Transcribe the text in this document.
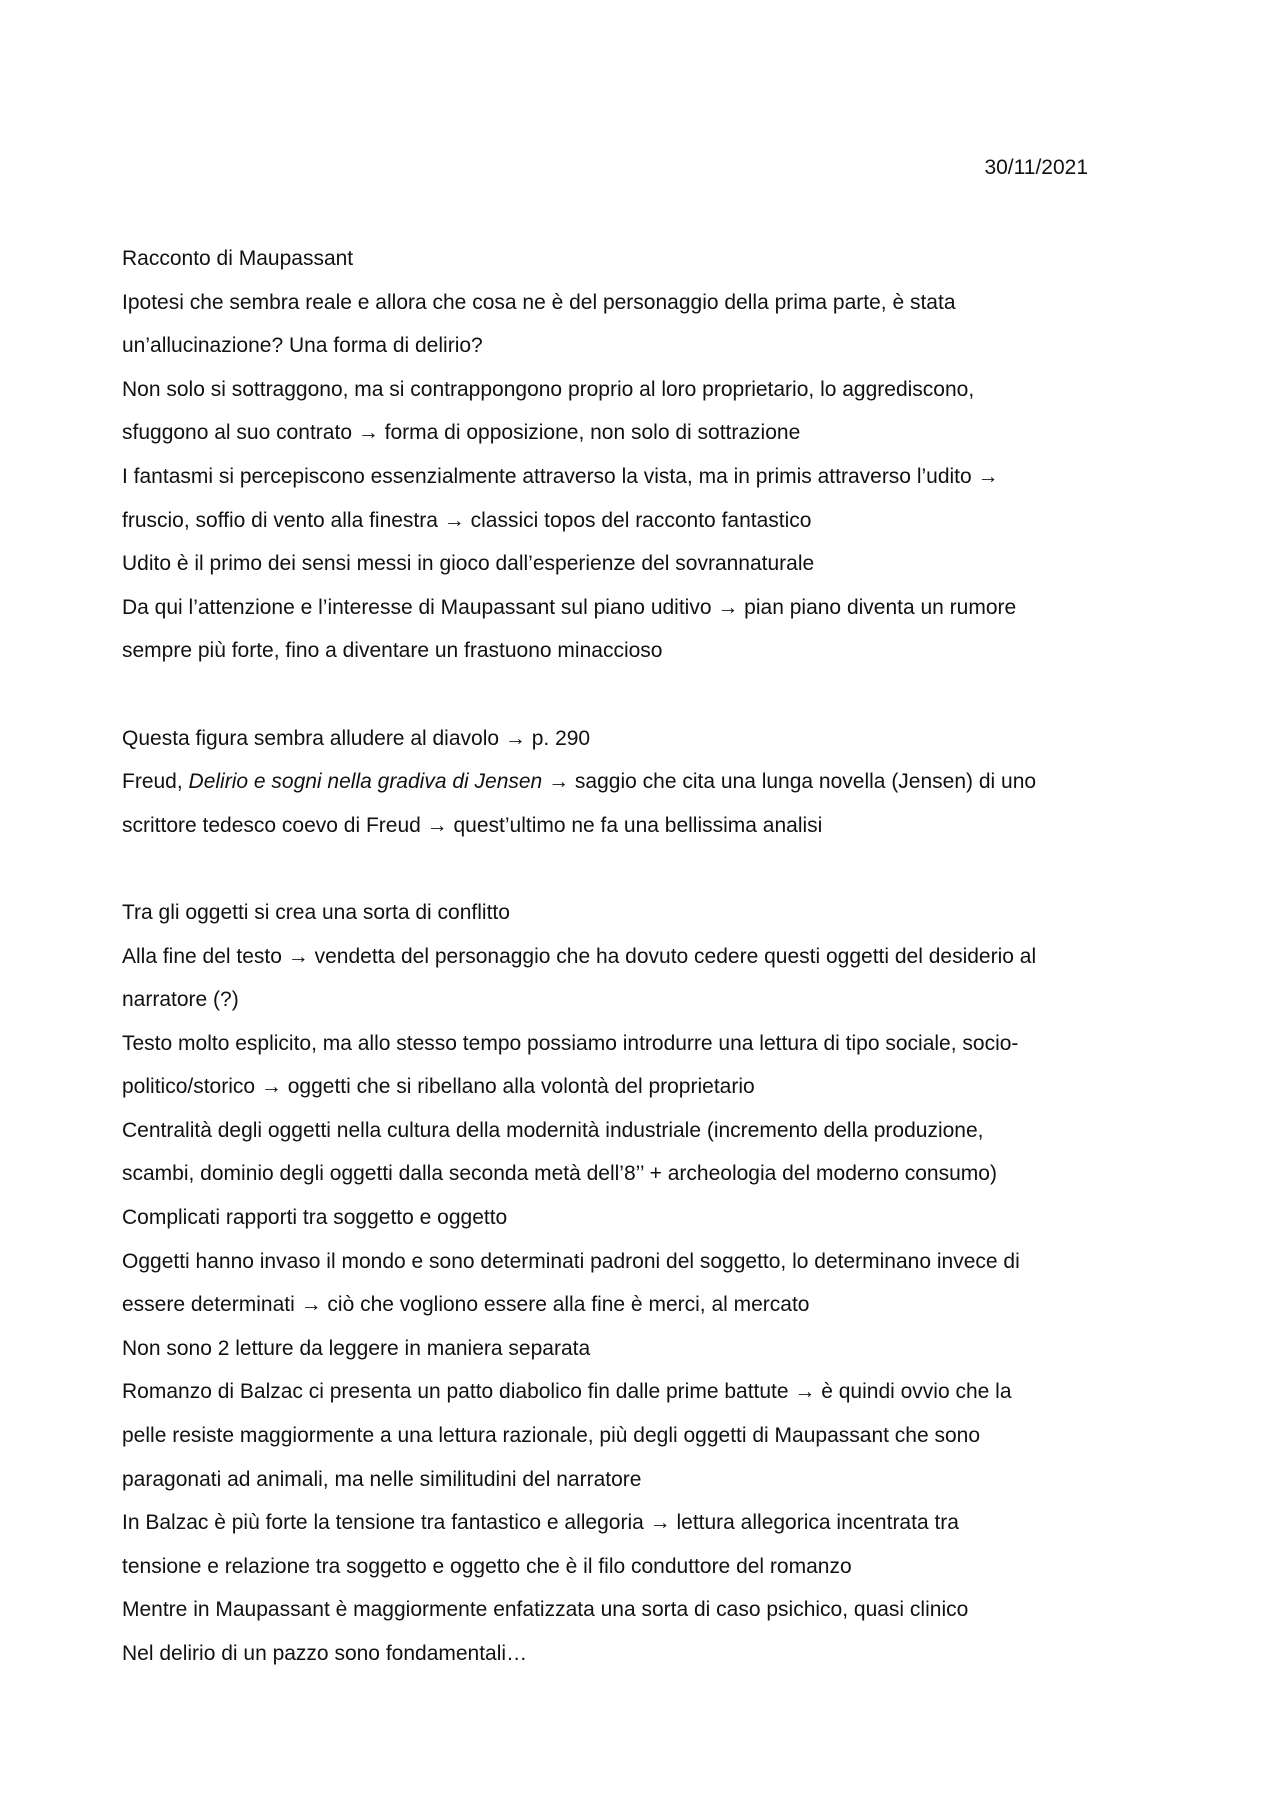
30/11/2021

Racconto di Maupassant

Ipotesi che sembra reale e allora che cosa ne è del personaggio della prima parte, è stata

un’allucinazione? Una forma di delirio?

Non solo si sottraggono, ma si contrappongono proprio al loro proprietario, lo aggrediscono,

sfuggono al suo contrato → forma di opposizione, non solo di sottrazione

I fantasmi si percepiscono essenzialmente attraverso la vista, ma in primis attraverso l’udito →

fruscio, soffio di vento alla finestra → classici topos del racconto fantastico

Udito è il primo dei sensi messi in gioco dall’esperienze del sovrannaturale

Da qui l’attenzione e l’interesse di Maupassant sul piano uditivo → pian piano diventa un rumore

sempre più forte, fino a diventare un frastuono minaccioso

Questa figura sembra alludere al diavolo → p. 290

Freud, Delirio e sogni nella gradiva di Jensen → saggio che cita una lunga novella (Jensen) di uno

scrittore tedesco coevo di Freud → quest’ultimo ne fa una bellissima analisi

Tra gli oggetti si crea una sorta di conflitto

Alla fine del testo → vendetta del personaggio che ha dovuto cedere questi oggetti del desiderio al

narratore (?)

Testo molto esplicito, ma allo stesso tempo possiamo introdurre una lettura di tipo sociale, socio-

politico/storico → oggetti che si ribellano alla volontà del proprietario

Centralità degli oggetti nella cultura della modernità industriale (incremento della produzione,

scambi, dominio degli oggetti dalla seconda metà dell’8’’ + archeologia del moderno consumo)

Complicati rapporti tra soggetto e oggetto

Oggetti hanno invaso il mondo e sono determinati padroni del soggetto, lo determinano invece di

essere determinati → ciò che vogliono essere alla fine è merci, al mercato

Non sono 2 letture da leggere in maniera separata

Romanzo di Balzac ci presenta un patto diabolico fin dalle prime battute → è quindi ovvio che la

pelle resiste maggiormente a una lettura razionale, più degli oggetti di Maupassant che sono

paragonati ad animali, ma nelle similitudini del narratore

In Balzac è più forte la tensione tra fantastico e allegoria → lettura allegorica incentrata tra

tensione e relazione tra soggetto e oggetto che è il filo conduttore del romanzo

Mentre in Maupassant è maggiormente enfatizzata una sorta di caso psichico, quasi clinico

Nel delirio di un pazzo sono fondamentali…
